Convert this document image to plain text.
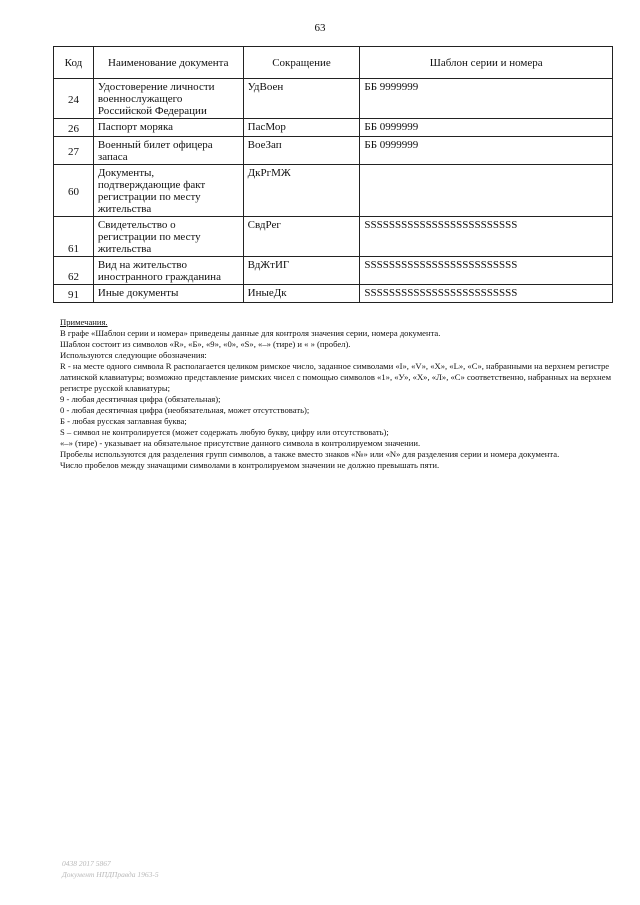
63
Код	Наименование документа	Сокращение	Шаблон серии и номера
24	Удостоверение личности
военнослужащего
Российской Федерации	УдВоен	ББ 9999999
26	Паспорт моряка	ПасМор	ББ 0999999
27	Военный билет офицера
запаса	ВоеЗап	ББ 0999999
60	Документы,
подтверждающие факт
регистрации по месту
жительства	ДкРгМЖ	
61	Свидетельство о
регистрации по месту
жительства	СвдРег	SSSSSSSSSSSSSSSSSSSSSSSSS
62	Вид на жительство
иностранного гражданина	ВдЖтИГ	SSSSSSSSSSSSSSSSSSSSSSSSS
91	Иные документы	ИныеДк	SSSSSSSSSSSSSSSSSSSSSSSSS

Примечания.

В графе «Шаблон серии и номера» приведены данные для контроля значения серии, номера документа.

Шаблон состоит из символов «R», «Б», «9», «0», «S», «–» (тире) и « » (пробел).

Используются следующие обозначения:

R - на месте одного символа R располагается целиком римское число, заданное символами «I», «V», «X», «L», «C», набранными на верхнем регистре латинской клавиатуры; возможно представление римских чисел с помощью символов «1», «У», «Х», «Л», «С» соответственно, набранных на верхнем регистре русской клавиатуры;

9 - любая десятичная цифра (обязательная);

0 - любая десятичная цифра (необязательная, может отсутствовать);

Б - любая русская заглавная буква;

S – символ не контролируется (может содержать любую букву, цифру или отсутствовать);

«–» (тире) - указывает на обязательное присутствие данного символа в контролируемом значении.

Пробелы используются для разделения групп символов, а также вместо знаков «№» или «N» для разделения серии и номера документа.

Число пробелов между значащими символами в контролируемом значении не должно превышать пяти.

0438 2017 5867
Документ НПДПравда 1963-5
